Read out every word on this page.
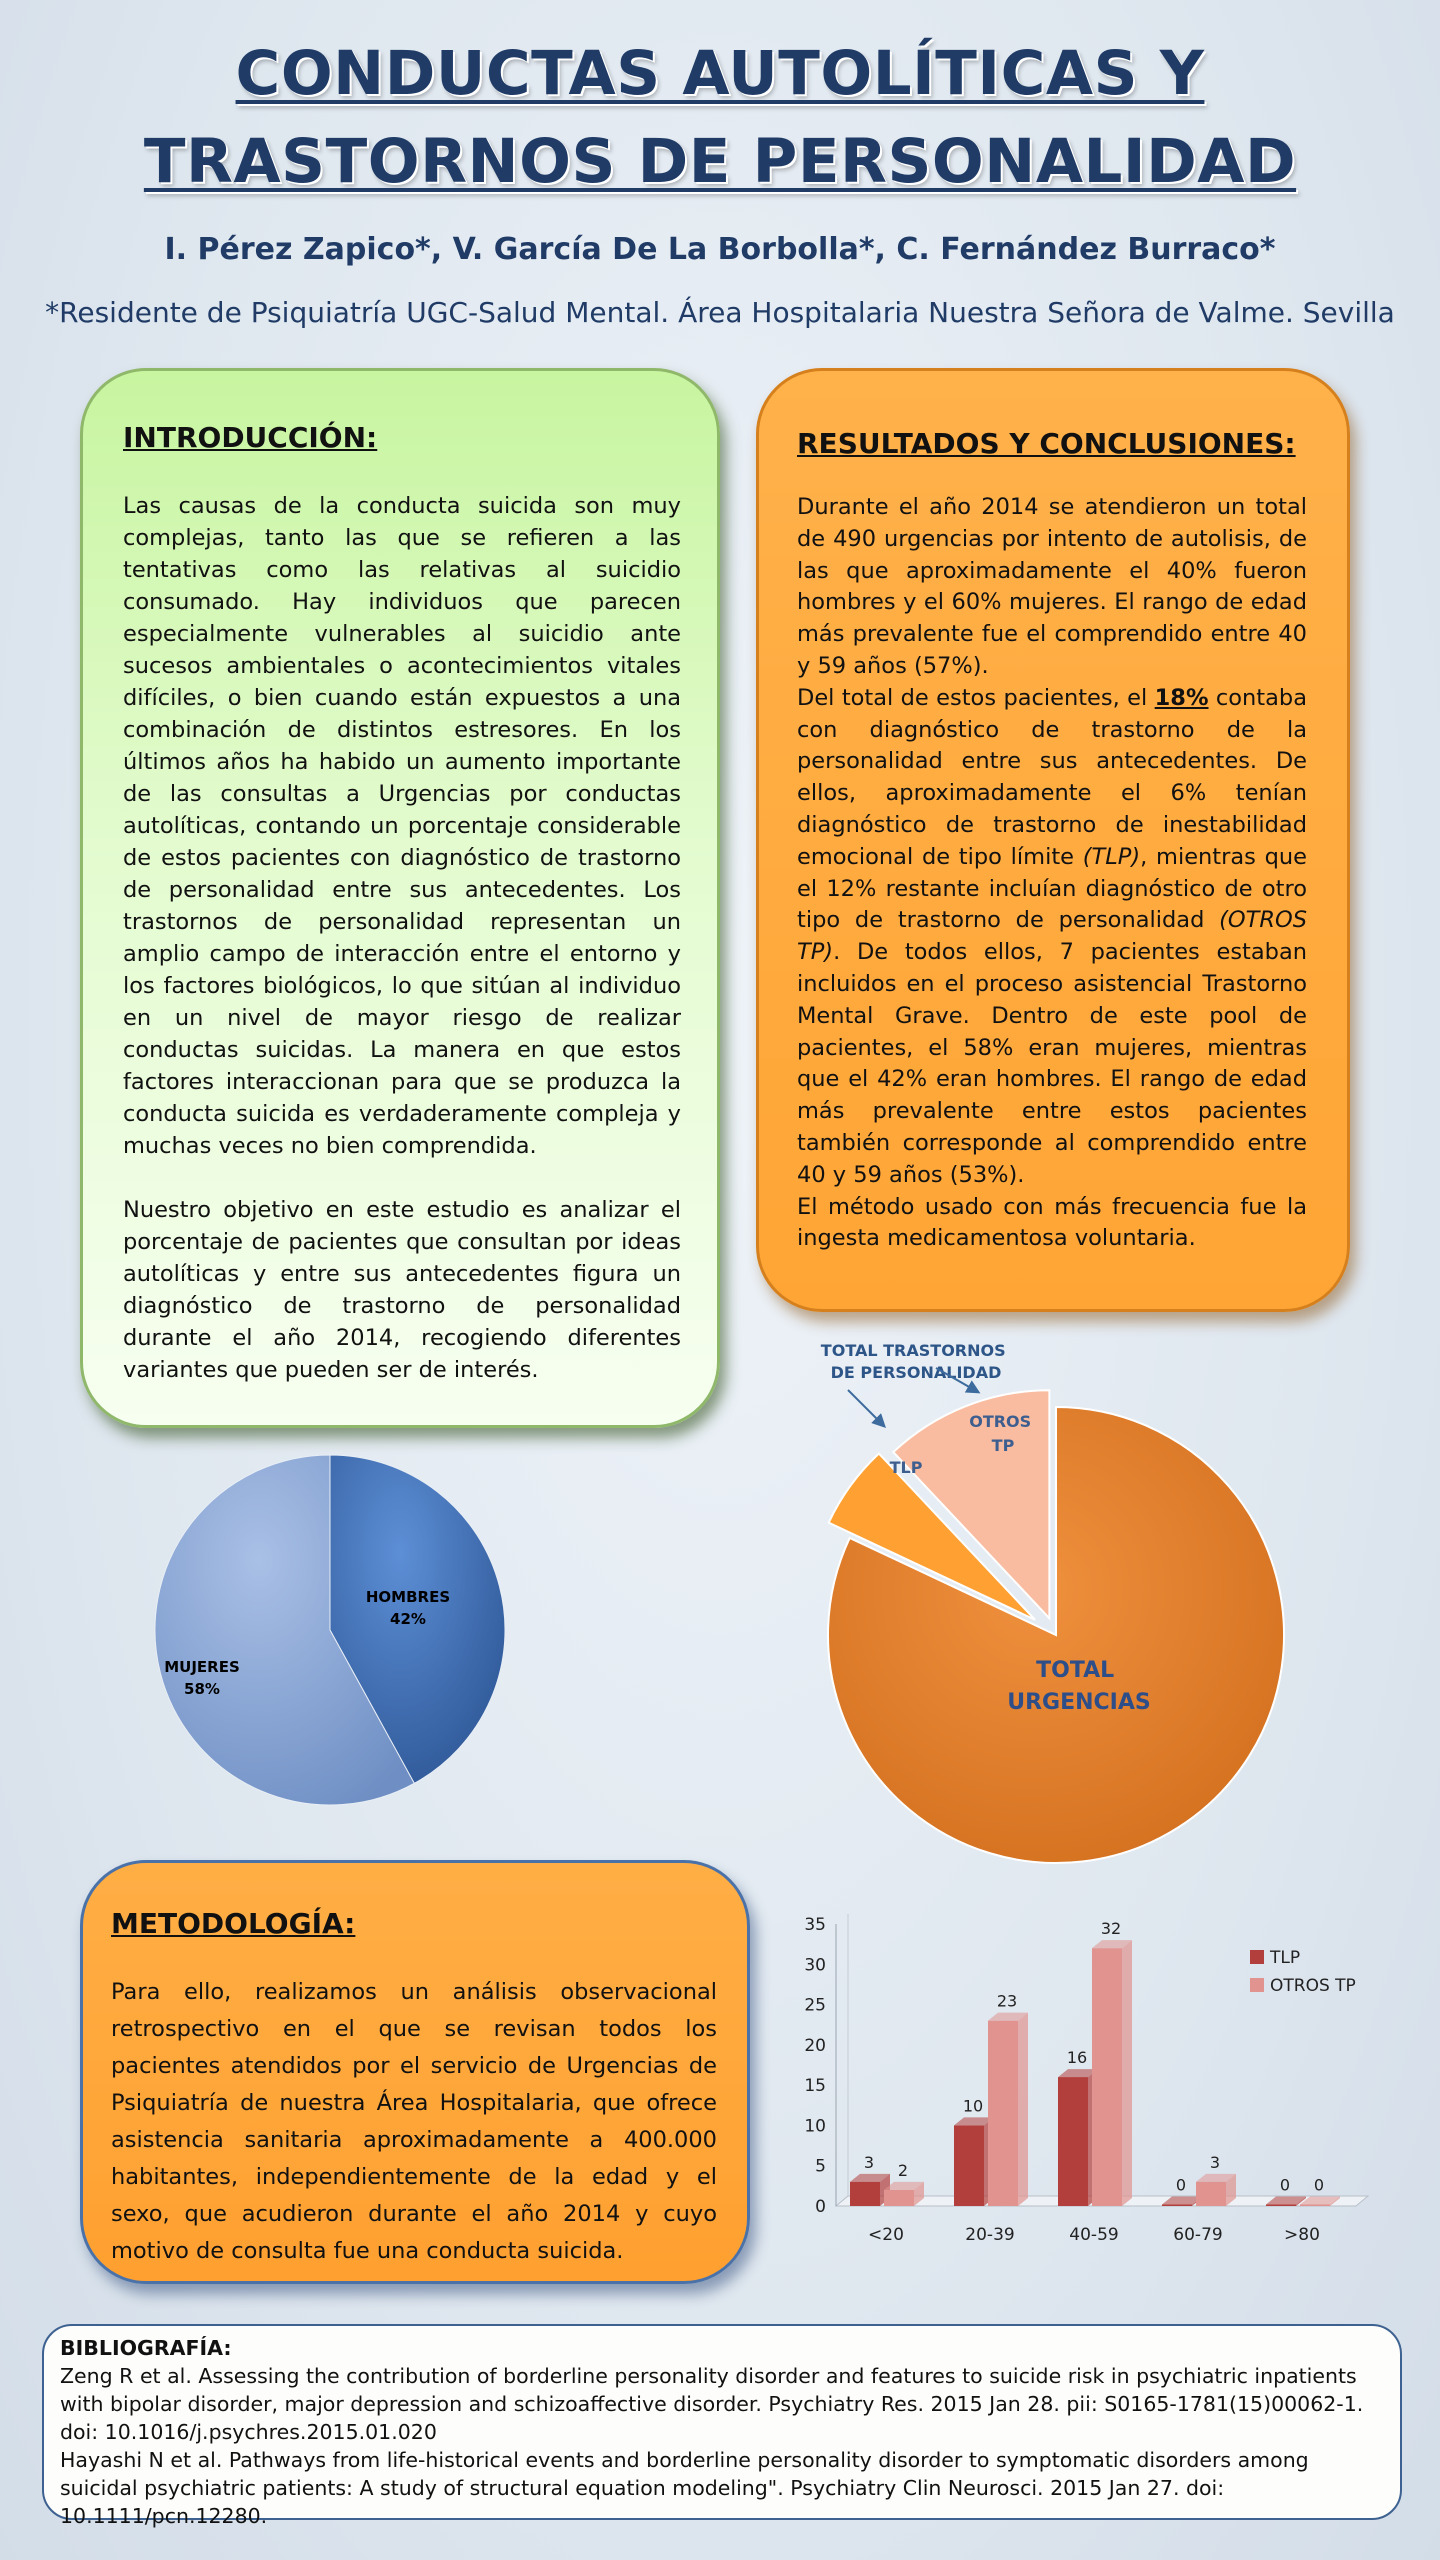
CONDUCTAS AUTOLÍTICAS Y
TRASTORNOS DE PERSONALIDAD
I. Pérez Zapico*, V. García De La Borbolla*, C. Fernández Burraco*
*Residente de Psiquiatría UGC-Salud Mental. Área Hospitalaria Nuestra Señora de Valme. Sevilla
INTRODUCCIÓN:

Las causas de la conducta suicida son muy complejas, tanto las que se refieren a las tentativas como las relativas al suicidio consumado. Hay individuos que parecen especialmente vulnerables al suicidio ante sucesos ambientales o acontecimientos vitales difíciles, o bien cuando están expuestos a una combinación de distintos estresores. En los últimos años ha habido un aumento importante de las consultas a Urgencias por conductas autolíticas, contando un porcentaje considerable de estos pacientes con diagnóstico de trastorno de personalidad entre sus antecedentes. Los trastornos de personalidad representan un amplio campo de interacción entre el entorno y los factores biológicos, lo que sitúan al individuo en un nivel de mayor riesgo de realizar conductas suicidas. La manera en que estos factores interaccionan para que se produzca la conducta suicida es verdaderamente compleja y muchas veces no bien comprendida.

Nuestro objetivo en este estudio es analizar el porcentaje de pacientes que consultan por ideas autolíticas y entre sus antecedentes figura un diagnóstico de trastorno de personalidad durante el año 2014, recogiendo diferentes variantes que pueden ser de interés.

RESULTADOS Y CONCLUSIONES:

Durante el año 2014 se atendieron un total de 490 urgencias por intento de autolisis, de las que aproximadamente el 40% fueron hombres y el 60% mujeres. El rango de edad más prevalente fue el comprendido entre 40 y 59 años (57%).

Del total de estos pacientes, el 18% contaba con diagnóstico de trastorno de la personalidad entre sus antecedentes. De ellos, aproximadamente el 6% tenían diagnóstico de trastorno de inestabilidad emocional de tipo límite (TLP), mientras que el 12% restante incluían diagnóstico de otro tipo de trastorno de personalidad (OTROS TP). De todos ellos, 7 pacientes estaban incluidos en el proceso asistencial Trastorno Mental Grave. Dentro de este pool de pacientes, el 58% eran mujeres, mientras que el 42% eran hombres. El rango de edad más prevalente entre estos pacientes también corresponde al comprendido entre 40 y 59 años (53%).

El método usado con más frecuencia fue la ingesta medicamentosa voluntaria.

HOMBRES
42%
MUJERES
58%
TOTAL TRASTORNOS DE PERSONALIDAD
TLP
OTROS TP
TOTAL URGENCIAS
METODOLOGÍA:

Para ello, realizamos un análisis observacional retrospectivo en el que se revisan todos los pacientes atendidos por el servicio de Urgencias de Psiquiatría de nuestra Área Hospitalaria, que ofrece asistencia sanitaria aproximadamente a 400.000 habitantes, independientemente de la edad y el sexo, que acudieron durante el año 2014 y cuyo motivo de consulta fue una conducta suicida.

0
5
10
15
20
25
30
35
<20	20-39	40-59	60-79	>80
3 2
10
23
16
32
0
3
0 0
TLP
OTROS TP
BIBLIOGRAFÍA:
Zeng R et al. Assessing the contribution of borderline personality disorder and features to suicide risk in psychiatric inpatients with bipolar disorder, major depression and schizoaffective disorder. Psychiatry Res. 2015 Jan 28. pii: S0165-1781(15)00062-1. doi: 10.1016/j.psychres.2015.01.020
Hayashi N et al. Pathways from life-historical events and borderline personality disorder to symptomatic disorders among suicidal psychiatric patients: A study of structural equation modeling". Psychiatry Clin Neurosci. 2015 Jan 27. doi: 10.1111/pcn.12280.
